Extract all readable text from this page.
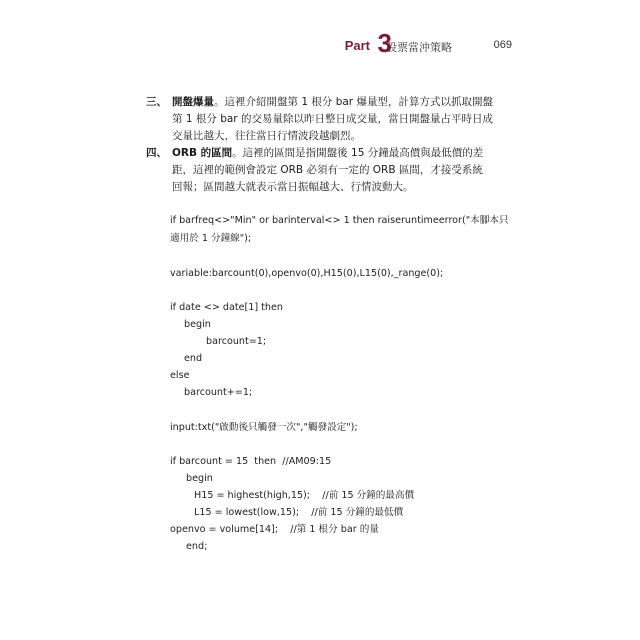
Part 3
股票當沖策略	069
三、 開盤爆量。這裡介紹開盤第 1 根分 bar 爆量型，計算方式以抓取開盤
第 1 根分 bar 的交易量除以昨日整日成交量，當日開盤量占平時日成
交量比越大，往往當日行情波段越劇烈。
四、 ORB 的區間。這裡的區間是指開盤後 15 分鐘最高價與最低價的差
距，這裡的範例會設定 ORB 必須有一定的 ORB 區間，才接受系統
回報；區間越大就表示當日振幅越大、行情波動大。
if barfreq<>"Min" or barinterval<> 1 then raiseruntimeerror("本腳本只
適用於 1 分鐘線");
variable:barcount(0),openvo(0),H15(0),L15(0),_range(0);
if date <> date[1] then
begin
barcount=1;
end
else
barcount+=1;
input:txt("啟動後只觸發一次","觸發設定");
if barcount = 15  then  //AM09:15
begin
H15 = highest(high,15);    //前 15 分鐘的最高價
L15 = lowest(low,15);    //前 15 分鐘的最低價
openvo = volume[14];    //第 1 根分 bar 的量
end;
